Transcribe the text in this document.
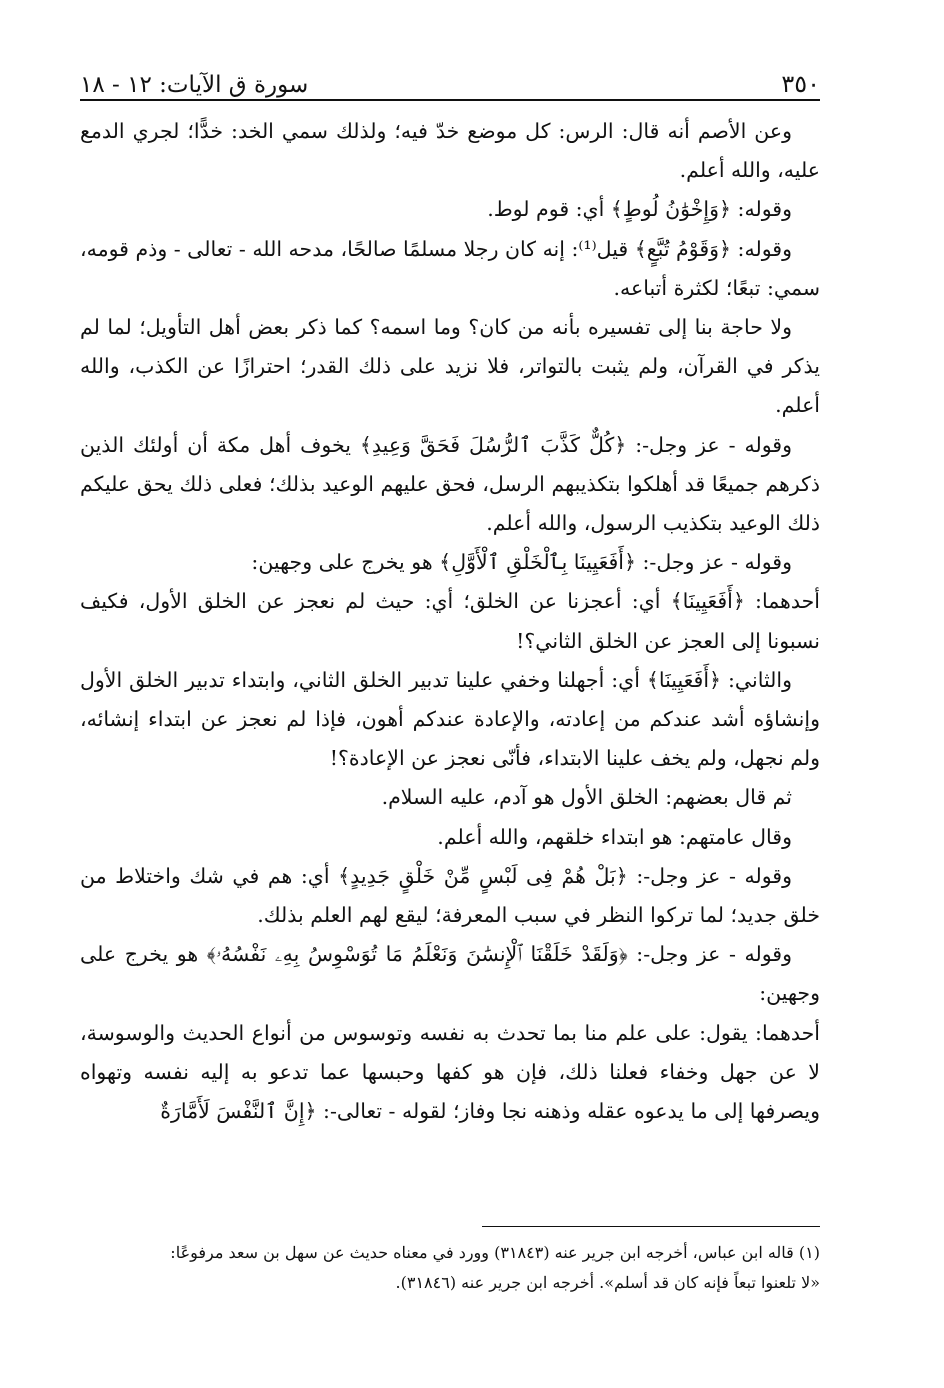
٣٥٠
سورة ق الآيات: ١٢ - ١٨

وعن الأصم أنه قال: الرس: كل موضع خدّ فيه؛ ولذلك سمي الخد: خدًّا؛ لجري الدمع عليه، والله أعلم.

وقوله: ﴿وَإِخْوَٰنُ لُوطٍ﴾ أي: قوم لوط.

وقوله: ﴿وَقَوْمُ تُبَّعٍ﴾ قيل⁽¹⁾: إنه كان رجلا مسلمًا صالحًا، مدحه الله - تعالى - وذم قومه، سمي: تبعًا؛ لكثرة أتباعه.

ولا حاجة بنا إلى تفسيره بأنه من كان؟ وما اسمه؟ كما ذكر بعض أهل التأويل؛ لما لم يذكر في القرآن، ولم يثبت بالتواتر، فلا نزيد على ذلك القدر؛ احترازًا عن الكذب، والله أعلم.

وقوله - عز وجل-: ﴿كُلٌّ كَذَّبَ ٱلرُّسُلَ فَحَقَّ وَعِيدِ﴾ يخوف أهل مكة أن أولئك الذين ذكرهم جميعًا قد أهلكوا بتكذيبهم الرسل، فحق عليهم الوعيد بذلك؛ فعلى ذلك يحق عليكم ذلك الوعيد بتكذيب الرسول، والله أعلم.

وقوله - عز وجل-: ﴿أَفَعَيِينَا بِٱلْخَلْقِ ٱلْأَوَّلِ﴾ هو يخرج على وجهين:

أحدهما: ﴿أَفَعَيِينَا﴾ أي: أعجزنا عن الخلق؛ أي: حيث لم نعجز عن الخلق الأول، فكيف نسبونا إلى العجز عن الخلق الثاني؟!

والثاني: ﴿أَفَعَيِينَا﴾ أي: أجهلنا وخفي علينا تدبير الخلق الثاني، وابتداء تدبير الخلق الأول وإنشاؤه أشد عندكم من إعادته، والإعادة عندكم أهون، فإذا لم نعجز عن ابتداء إنشائه، ولم نجهل، ولم يخف علينا الابتداء، فأنّى نعجز عن الإعادة؟!

ثم قال بعضهم: الخلق الأول هو آدم، عليه السلام.

وقال عامتهم: هو ابتداء خلقهم، والله أعلم.

وقوله - عز وجل-: ﴿بَلْ هُمْ فِى لَبْسٍ مِّنْ خَلْقٍ جَدِيدٍ﴾ أي: هم في شك واختلاط من خلق جديد؛ لما تركوا النظر في سبب المعرفة؛ ليقع لهم العلم بذلك.

وقوله - عز وجل-: ﴿وَلَقَدْ خَلَقْنَا ٱلْإِنسَٰنَ وَنَعْلَمُ مَا تُوَسْوِسُ بِهِۦ نَفْسُهُۥ﴾ هو يخرج على وجهين:

أحدهما: يقول: على علم منا بما تحدث به نفسه وتوسوس من أنواع الحديث والوسوسة، لا عن جهل وخفاء فعلنا ذلك، فإن هو كفها وحبسها عما تدعو به إليه نفسه وتهواه ويصرفها إلى ما يدعوه عقله وذهنه نجا وفاز؛ لقوله - تعالى-: ﴿إِنَّ ٱلنَّفْسَ لَأَمَّارَةٌ

(١) قاله ابن عباس، أخرجه ابن جرير عنه (٣١٨٤٣) وورد في معناه حديث عن سهل بن سعد مرفوعًا:

«لا تلعنوا تبعاً فإنه كان قد أسلم». أخرجه ابن جرير عنه (٣١٨٤٦).
